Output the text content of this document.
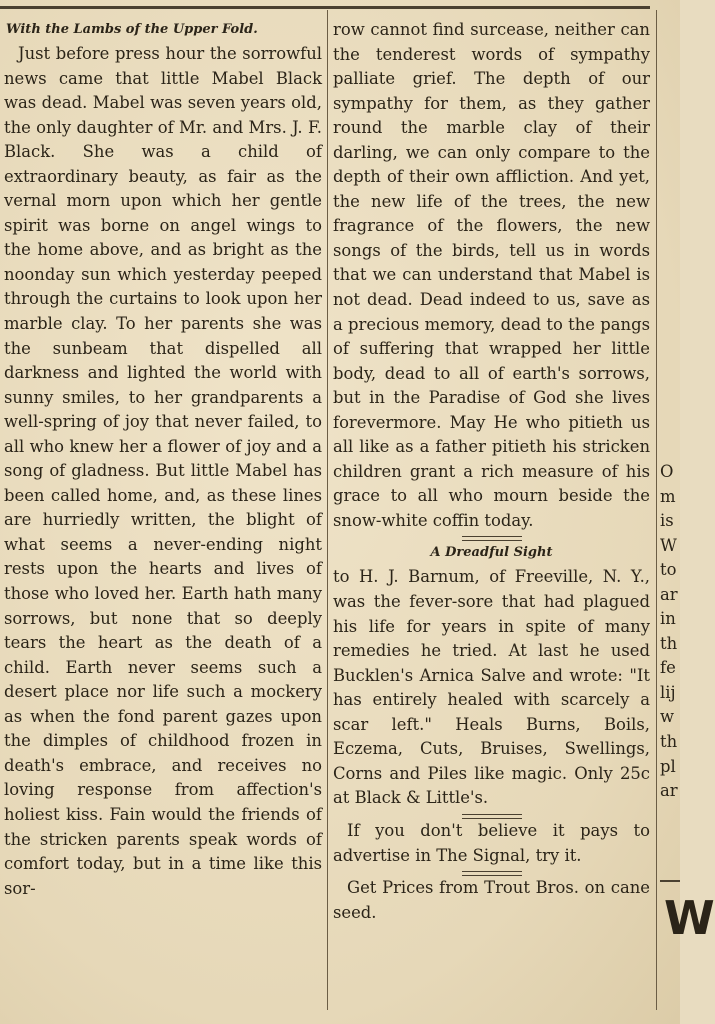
With the Lambs of the Upper Fold.

Just before press hour the sorrowful news came that little Mabel Black was dead. Mabel was seven years old, the only daughter of Mr. and Mrs. J. F. Black. She was a child of extraordinary beauty, as fair as the vernal morn upon which her gentle spirit was borne on angel wings to the home above, and as bright as the noonday sun which yesterday peeped through the curtains to look upon her marble clay. To her parents she was the sunbeam that dispelled all darkness and lighted the world with sunny smiles, to her grandparents a well-spring of joy that never failed, to all who knew her a flower of joy and a song of gladness. But little Mabel has been called home, and, as these lines are hurriedly written, the blight of what seems a never-ending night rests upon the hearts and lives of those who loved her. Earth hath many sorrows, but none that so deeply tears the heart as the death of a child. Earth never seems such a desert place nor life such a mockery as when the fond parent gazes upon the dimples of childhood frozen in death's embrace, and receives no loving response from affection's holiest kiss. Fain would the friends of the stricken parents speak words of comfort today, but in a time like this sor-

row cannot find surcease, neither can the tenderest words of sympathy palliate grief. The depth of our sympathy for them, as they gather round the marble clay of their darling, we can only compare to the depth of their own affliction. And yet, the new life of the trees, the new fragrance of the flowers, the new songs of the birds, tell us in words that we can understand that Mabel is not dead. Dead indeed to us, save as a precious memory, dead to the pangs of suffering that wrapped her little body, dead to all of earth's sorrows, but in the Paradise of God she lives forevermore. May He who pitieth us all like as a father pitieth his stricken children grant a rich measure of his grace to all who mourn beside the snow-white coffin today.

A Dreadful Sight

to H. J. Barnum, of Freeville, N. Y., was the fever-sore that had plagued his life for years in spite of many remedies he tried. At last he used Bucklen's Arnica Salve and wrote: "It has entirely healed with scarcely a scar left." Heals Burns, Boils, Eczema, Cuts, Bruises, Swellings, Corns and Piles like magic. Only 25c at Black & Little's.

If you don't believe it pays to advertise in The Signal, try it.

Get Prices from Trout Bros. on cane seed.

O
m
is
W
to
ar
in
th
fe
lij
w
th
pl
ar
W
